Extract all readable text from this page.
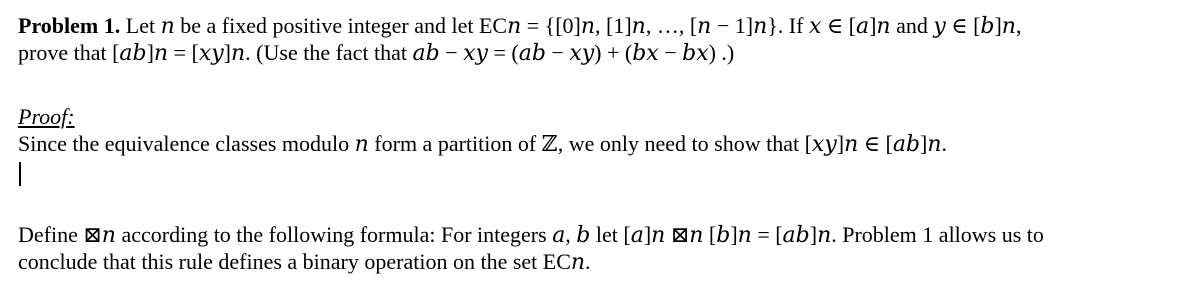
Problem 1. Let 𝑛 be a fixed positive integer and let EC𝑛 = {[0]𝑛, [1]𝑛, …, [𝑛 − 1]𝑛}. If 𝑥 ∈ [𝑎]𝑛 and 𝑦 ∈ [𝑏]𝑛,
prove that [𝑎𝑏]𝑛 = [𝑥𝑦]𝑛. (Use the fact that 𝑎𝑏 − 𝑥𝑦 = (𝑎𝑏 − 𝑥𝑦) + (𝑏𝑥 − 𝑏𝑥) .)
Proof:
Since the equivalence classes modulo 𝑛 form a partition of ℤ, we only need to show that [𝑥𝑦]𝑛 ∈ [𝑎𝑏]𝑛.
Define ⊠𝑛 according to the following formula: For integers 𝑎, 𝑏 let [𝑎]𝑛 ⊠𝑛 [𝑏]𝑛 = [𝑎𝑏]𝑛. Problem 1 allows us to
conclude that this rule defines a binary operation on the set EC𝑛.
